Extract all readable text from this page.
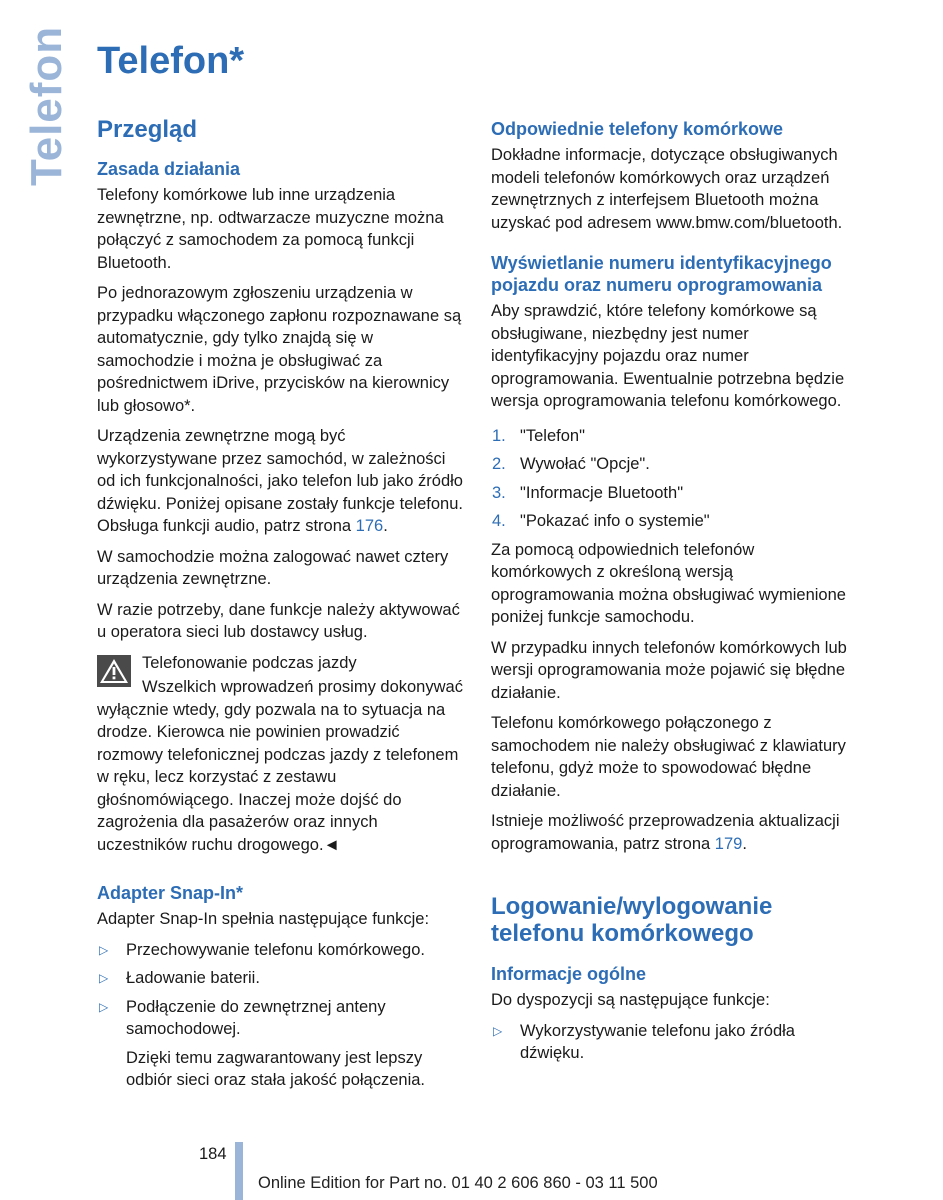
Telefon Telefon*
Przegląd
Zasada działania

Telefony komórkowe lub inne urządzenia zewnętrzne, np. odtwarzacze muzyczne można połączyć z samochodem za pomocą funkcji Bluetooth.

Po jednorazowym zgłoszeniu urządzenia w przypadku włączonego zapłonu rozpoznawane są automatycznie, gdy tylko znajdą się w samochodzie i można je obsługiwać za pośrednictwem iDrive, przycisków na kierownicy lub głosowo*.

Urządzenia zewnętrzne mogą być wykorzystywane przez samochód, w zależności od ich funkcjonalności, jako telefon lub jako źródło dźwięku. Poniżej opisane zostały funkcje telefonu. Obsługa funkcji audio, patrz strona 176.

W samochodzie można zalogować nawet cztery urządzenia zewnętrzne.

W razie potrzeby, dane funkcje należy aktywować u operatora sieci lub dostawcy usług.

Telefonowanie podczas jazdy

Wszelkich wprowadzeń prosimy dokonywać wyłącznie wtedy, gdy pozwala na to sytuacja na drodze. Kierowca nie powinien prowadzić rozmowy telefonicznej podczas jazdy z telefonem w ręku, lecz korzystać z zestawu głośnomówiącego. Inaczej może dojść do zagrożenia dla pasażerów oraz innych uczestników ruchu drogowego.◄

Adapter Snap-In*

Adapter Snap-In spełnia następujące funkcje:

▷ Przechowywanie telefonu komórkowego.
▷ Ładowanie baterii.
▷ Podłączenie do zewnętrznej anteny samochodowej.
Dzięki temu zagwarantowany jest lepszy odbiór sieci oraz stała jakość połączenia.
Odpowiednie telefony komórkowe

Dokładne informacje, dotyczące obsługiwanych modeli telefonów komórkowych oraz urządzeń zewnętrznych z interfejsem Bluetooth można uzyskać pod adresem www.bmw.com/bluetooth.

Wyświetlanie numeru identyfikacyjnego pojazdu oraz numeru oprogramowania

Aby sprawdzić, które telefony komórkowe są obsługiwane, niezbędny jest numer identyfikacyjny pojazdu oraz numer oprogramowania. Ewentualnie potrzebna będzie wersja oprogramowania telefonu komórkowego.

1. "Telefon"
2. Wywołać "Opcje".
3. "Informacje Bluetooth"
4. "Pokazać info o systemie"

Za pomocą odpowiednich telefonów komórkowych z określoną wersją oprogramowania można obsługiwać wymienione poniżej funkcje samochodu.

W przypadku innych telefonów komórkowych lub wersji oprogramowania może pojawić się błędne działanie.

Telefonu komórkowego połączonego z samochodem nie należy obsługiwać z klawiatury telefonu, gdyż może to spowodować błędne działanie.

Istnieje możliwość przeprowadzenia aktualizacji oprogramowania, patrz strona 179.

Logowanie/wylogowanie telefonu komórkowego
Informacje ogólne

Do dyspozycji są następujące funkcje:

▷ Wykorzystywanie telefonu jako źródła dźwięku.
184
Online Edition for Part no. 01 40 2 606 860 - 03 11 500
